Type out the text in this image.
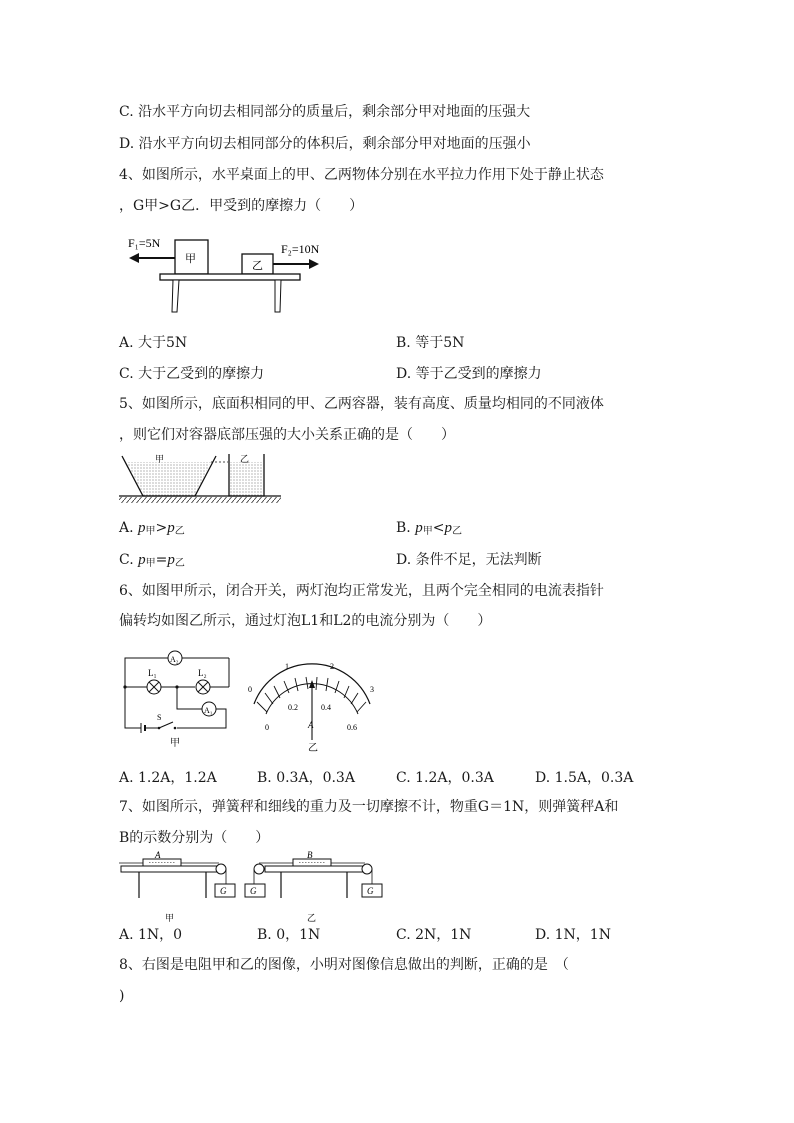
C. 沿水平方向切去相同部分的质量后，剩余部分甲对地面的压强大
D. 沿水平方向切去相同部分的体积后，剩余部分甲对地面的压强小
4、如图所示，水平桌面上的甲、乙两物体分别在水平拉力作用下处于静止状态
，G甲>G乙．甲受到的摩擦力（　　）
F₁=5N	F₂=10N
甲
乙
A. 大于5N	B. 等于5N
C. 大于乙受到的摩擦力	D. 等于乙受到的摩擦力
5、如图所示，底面积相同的甲、乙两容器，装有高度、质量均相同的不同液体
，则它们对容器底部压强的大小关系正确的是（　　）
甲	乙
A. $p_甲>p_乙$	B. $p_甲<p_乙$
C. $p_甲=p_乙$	D. 条件不足，无法判断
6、如图甲所示，闭合开关，两灯泡均正常发光，且两个完全相同的电流表指针
偏转均如图乙所示，通过灯泡L1和L2的电流分别为（　　）
A₂
L₁	L₂
A₁
S
甲
0
1	2
3
0
0.2	0.4
0.6
A
乙
A. 1.2A，1.2A	B. 0.3A，0.3A	C. 1.2A，0.3A	D. 1.5A，0.3A
7、如图所示，弹簧秤和细线的重力及一切摩擦不计，物重G＝1N，则弹簧秤A和
B的示数分别为（　　）
A
G
甲
G
B
G
乙
A. 1N，0	B. 0，1N	C. 2N，1N	D. 1N，1N
8、右图是电阻甲和乙的图像，小明对图像信息做出的判断，正确的是　（
)
